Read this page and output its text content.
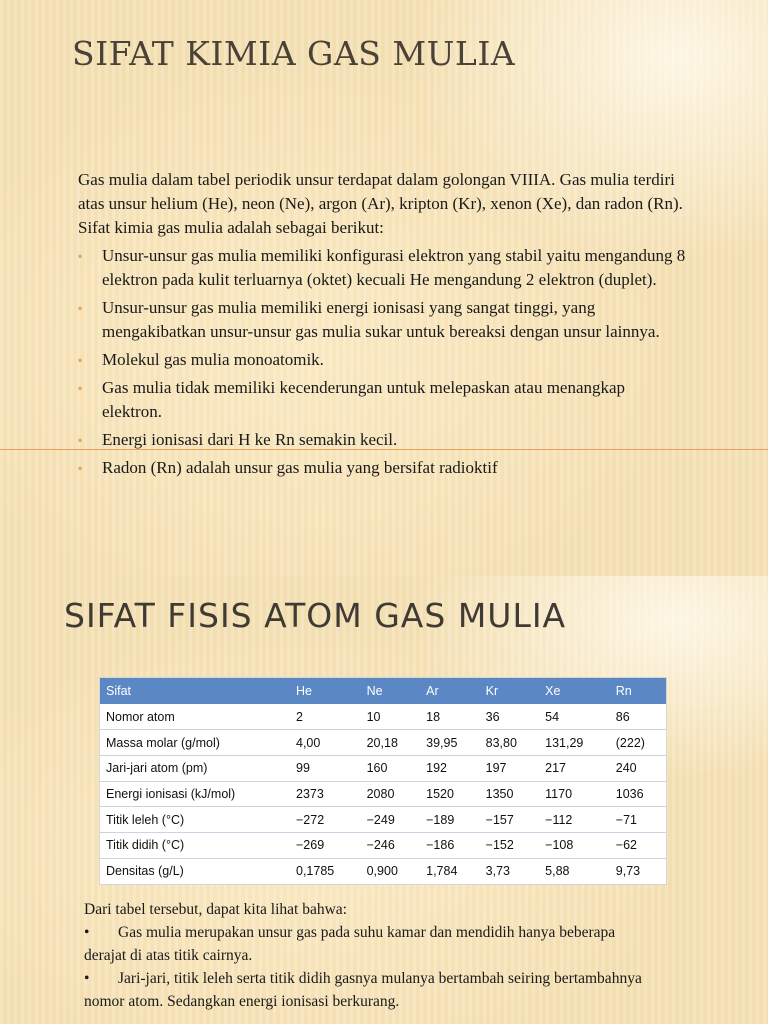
SIFAT KIMIA GAS MULIA

Gas mulia dalam tabel periodik unsur terdapat dalam golongan VIIIA. Gas mulia terdiri atas unsur helium (He), neon (Ne), argon (Ar), kripton (Kr), xenon (Xe), dan radon (Rn). Sifat kimia gas mulia adalah sebagai berikut:

▪ Unsur-unsur gas mulia memiliki konfigurasi elektron yang stabil yaitu mengandung 8 elektron pada kulit terluarnya (oktet) kecuali He mengandung 2 elektron (duplet).
▪ Unsur-unsur gas mulia memiliki energi ionisasi yang sangat tinggi, yang mengakibatkan unsur-unsur gas mulia sukar untuk bereaksi dengan unsur lainnya.
▪ Molekul gas mulia monoatomik.
▪ Gas mulia tidak memiliki kecenderungan untuk melepaskan atau menangkap elektron.
▪ Energi ionisasi dari H ke Rn semakin kecil.
▪ Radon (Rn) adalah unsur gas mulia yang bersifat radioktif
SIFAT FISIS ATOM GAS MULIA
Sifat	He	Ne	Ar	Kr	Xe	Rn
Nomor atom	2	10	18	36	54	86
Massa molar (g/mol)	4,00	20,18	39,95	83,80	131,29	(222)
Jari-jari atom (pm)	99	160	192	197	217	240
Energi ionisasi (kJ/mol)	2373	2080	1520	1350	1170	1036
Titik leleh (°C)	−272	−249	−189	−157	−112	−71
Titik didih (°C)	−269	−246	−186	−152	−108	−62
Densitas (g/L)	0,1785	0,900	1,784	3,73	5,88	9,73

Dari tabel tersebut, dapat kita lihat bahwa:

• Gas mulia merupakan unsur gas pada suhu kamar dan mendidih hanya beberapa derajat di atas titik cairnya.

• Jari-jari, titik leleh serta titik didih gasnya mulanya bertambah seiring bertambahnya nomor atom. Sedangkan energi ionisasi berkurang.
